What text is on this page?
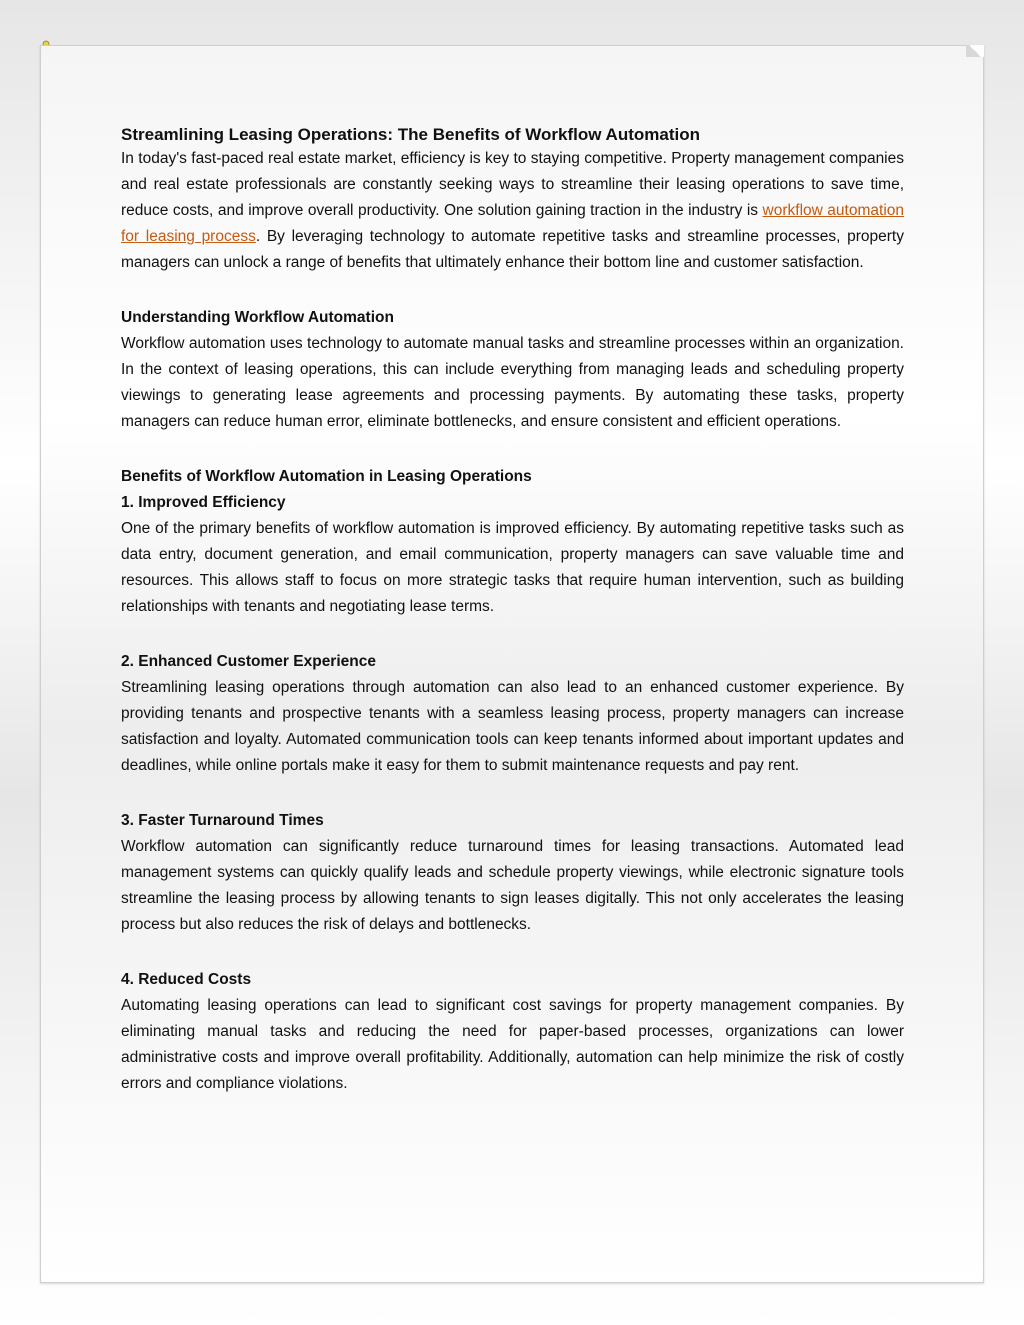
Streamlining Leasing Operations: The Benefits of Workflow Automation

In today's fast-paced real estate market, efficiency is key to staying competitive. Property management companies and real estate professionals are constantly seeking ways to streamline their leasing operations to save time, reduce costs, and improve overall productivity. One solution gaining traction in the industry is workflow automation for leasing process. By leveraging technology to automate repetitive tasks and streamline processes, property managers can unlock a range of benefits that ultimately enhance their bottom line and customer satisfaction.

Understanding Workflow Automation

Workflow automation uses technology to automate manual tasks and streamline processes within an organization. In the context of leasing operations, this can include everything from managing leads and scheduling property viewings to generating lease agreements and processing payments. By automating these tasks, property managers can reduce human error, eliminate bottlenecks, and ensure consistent and efficient operations.

Benefits of Workflow Automation in Leasing Operations

1. Improved Efficiency

One of the primary benefits of workflow automation is improved efficiency. By automating repetitive tasks such as data entry, document generation, and email communication, property managers can save valuable time and resources. This allows staff to focus on more strategic tasks that require human intervention, such as building relationships with tenants and negotiating lease terms.

2. Enhanced Customer Experience

Streamlining leasing operations through automation can also lead to an enhanced customer experience. By providing tenants and prospective tenants with a seamless leasing process, property managers can increase satisfaction and loyalty. Automated communication tools can keep tenants informed about important updates and deadlines, while online portals make it easy for them to submit maintenance requests and pay rent.

3. Faster Turnaround Times

Workflow automation can significantly reduce turnaround times for leasing transactions. Automated lead management systems can quickly qualify leads and schedule property viewings, while electronic signature tools streamline the leasing process by allowing tenants to sign leases digitally. This not only accelerates the leasing process but also reduces the risk of delays and bottlenecks.

4. Reduced Costs

Automating leasing operations can lead to significant cost savings for property management companies. By eliminating manual tasks and reducing the need for paper-based processes, organizations can lower administrative costs and improve overall profitability. Additionally, automation can help minimize the risk of costly errors and compliance violations.
